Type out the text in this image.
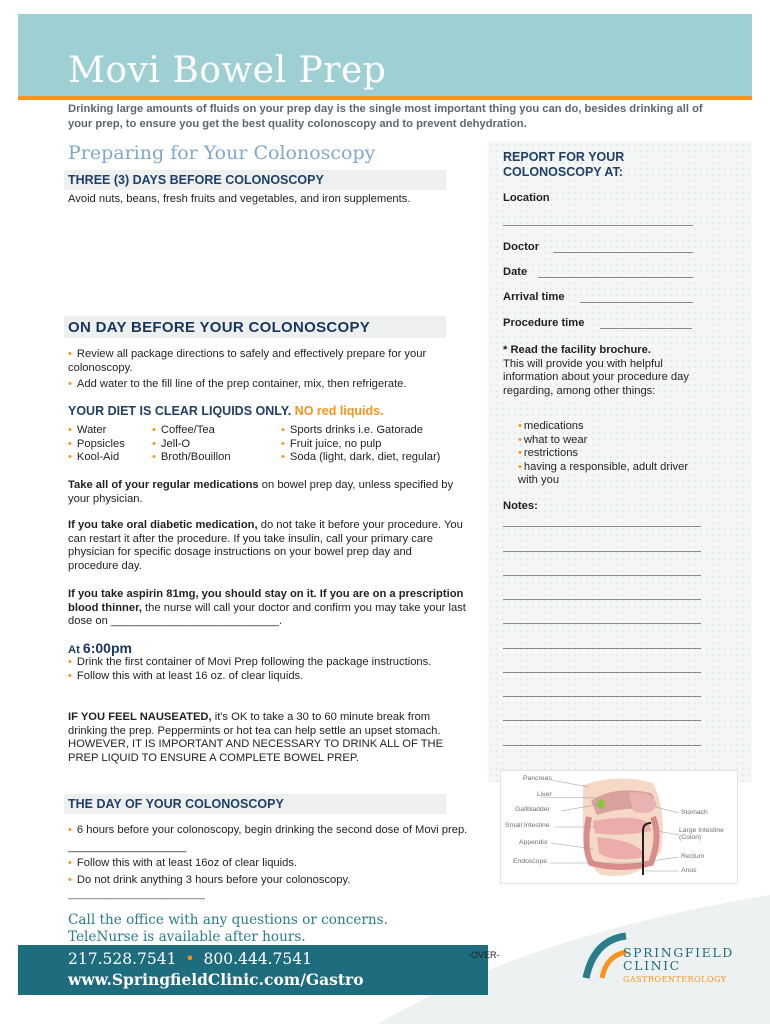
Movi Bowel Prep
Drinking large amounts of fluids on your prep day is the single most important thing you can do, besides drinking all of your prep, to ensure you get the best quality colonoscopy and to prevent dehydration.
Preparing for Your Colonoscopy
THREE (3) DAYS BEFORE COLONOSCOPY
Avoid nuts, beans, fresh fruits and vegetables, and iron supplements.
ON DAY BEFORE YOUR COLONOSCOPY
• Review all package directions to safely and effectively prepare for your colonoscopy.
• Add water to the fill line of the prep container, mix, then refrigerate.
YOUR DIET IS CLEAR LIQUIDS ONLY. NO red liquids.
• Water
• Popsicles
• Kool-Aid
• Coffee/Tea
• Jell-O
• Broth/Bouillon
• Sports drinks i.e. Gatorade
• Fruit juice, no pulp
• Soda (light, dark, diet, regular)
Take all of your regular medications on bowel prep day, unless specified by your physician.
If you take oral diabetic medication, do not take it before your procedure. You can restart it after the procedure. If you take insulin, call your primary care physician for specific dosage instructions on your bowel prep day and procedure day.
If you take aspirin 81mg, you should stay on it. If you are on a prescription blood thinner, the nurse will call your doctor and confirm you may take your last dose on ___________________________.
At 6:00pm
• Drink the first container of Movi Prep following the package instructions.
• Follow this with at least 16 oz. of clear liquids.
IF YOU FEEL NAUSEATED, it's OK to take a 30 to 60 minute break from drinking the prep. Peppermints or hot tea can help settle an upset stomach. HOWEVER, IT IS IMPORTANT AND NECESSARY TO DRINK ALL OF THE PREP LIQUID TO ENSURE A COMPLETE BOWEL PREP.
THE DAY OF YOUR COLONOSCOPY
• 6 hours before your colonoscopy, begin drinking the second dose of Movi prep. ___________________
• Follow this with at least 16oz of clear liquids.
• Do not drink anything 3 hours before your colonoscopy.
______________________
REPORT FOR YOUR COLONOSCOPY AT:
Location
Doctor
Date
Arrival time
Procedure time
* Read the facility brochure.
This will provide you with helpful information about your procedure day regarding, among other things:
• medications
• what to wear
• restrictions
• having a responsible, adult driver with you
Notes:
Pancreas
Liver
Gallbladder	Stomach
Small Intestine
Large Intestine (Colon)
Appendix
Rectum
Endoscope
Anus
Call the office with any questions or concerns.
TeleNurse is available after hours.
217.528.7541 • 800.444.7541
www.SpringfieldClinic.com/Gastro
-OVER-	SPRINGFIELD
CLINIC
GASTROENTEROLOGY
